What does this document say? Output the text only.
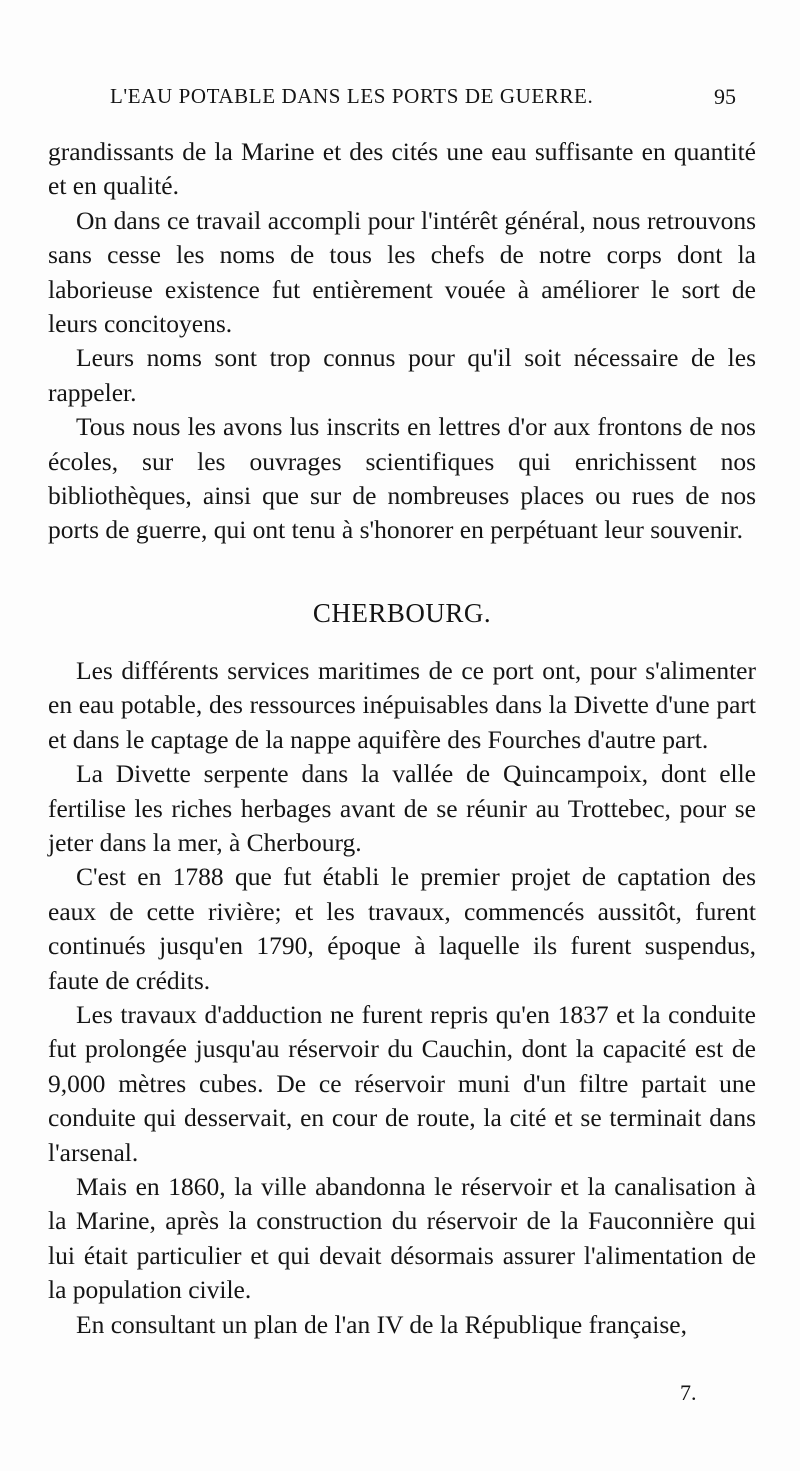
L'EAU POTABLE DANS LES PORTS DE GUERRE.	95

grandissants de la Marine et des cités une eau suffisante en quantité et en qualité.

On dans ce travail accompli pour l'intérêt général, nous retrouvons sans cesse les noms de tous les chefs de notre corps dont la laborieuse existence fut entièrement vouée à améliorer le sort de leurs concitoyens.

Leurs noms sont trop connus pour qu'il soit nécessaire de les rappeler.

Tous nous les avons lus inscrits en lettres d'or aux frontons de nos écoles, sur les ouvrages scientifiques qui enrichissent nos bibliothèques, ainsi que sur de nombreuses places ou rues de nos ports de guerre, qui ont tenu à s'honorer en perpétuant leur souvenir.

CHERBOURG.

Les différents services maritimes de ce port ont, pour s'alimenter en eau potable, des ressources inépuisables dans la Divette d'une part et dans le captage de la nappe aquifère des Fourches d'autre part.

La Divette serpente dans la vallée de Quincampoix, dont elle fertilise les riches herbages avant de se réunir au Trottebec, pour se jeter dans la mer, à Cherbourg.

C'est en 1788 que fut établi le premier projet de captation des eaux de cette rivière; et les travaux, commencés aussitôt, furent continués jusqu'en 1790, époque à laquelle ils furent suspendus, faute de crédits.

Les travaux d'adduction ne furent repris qu'en 1837 et la conduite fut prolongée jusqu'au réservoir du Cauchin, dont la capacité est de 9,000 mètres cubes. De ce réservoir muni d'un filtre partait une conduite qui desservait, en cour de route, la cité et se terminait dans l'arsenal.

Mais en 1860, la ville abandonna le réservoir et la canalisation à la Marine, après la construction du réservoir de la Fauconnière qui lui était particulier et qui devait désormais assurer l'alimentation de la population civile.

En consultant un plan de l'an IV de la République française,

7.
